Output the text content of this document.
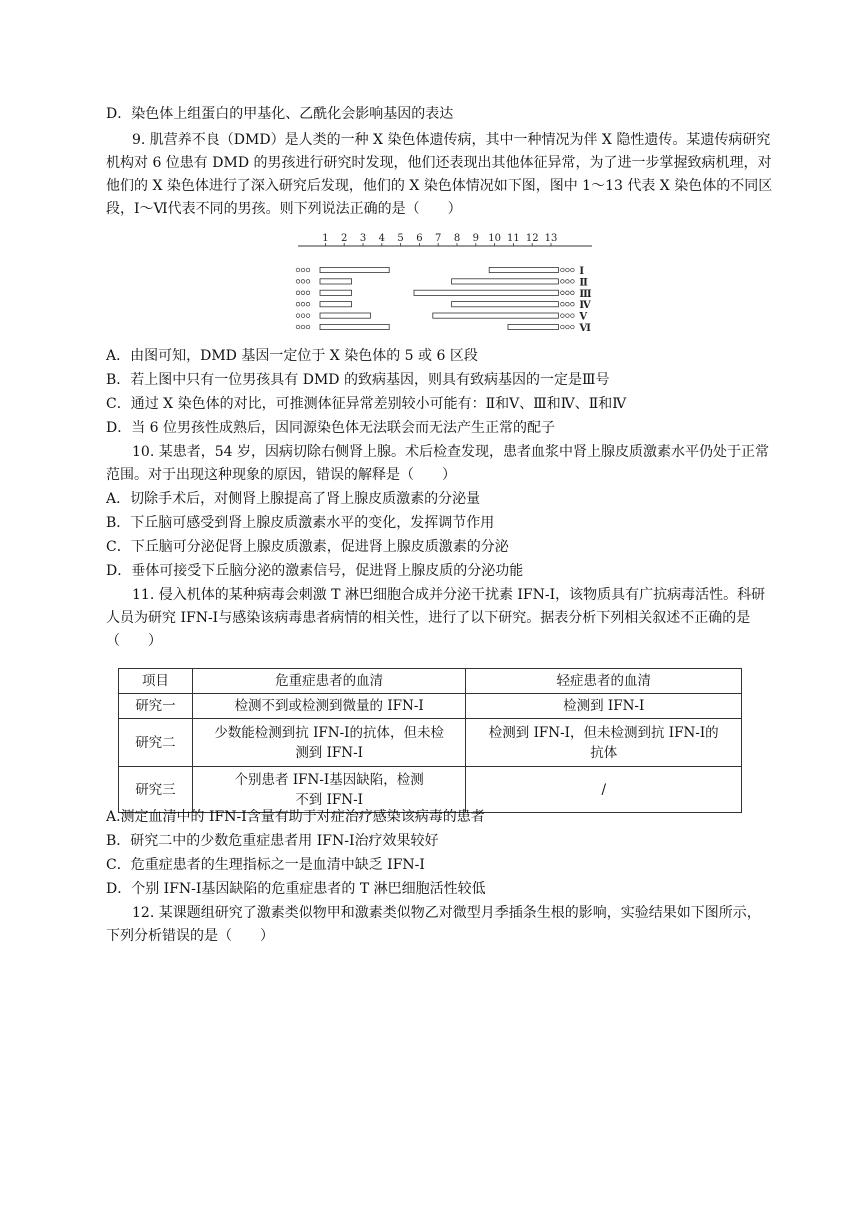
D．染色体上组蛋白的甲基化、乙酰化会影响基因的表达
9. 肌营养不良（DMD）是人类的一种 X 染色体遗传病，其中一种情况为伴 X 隐性遗传。某遗传病研究
机构对 6 位患有 DMD 的男孩进行研究时发现，他们还表现出其他体征异常，为了进一步掌握致病机理，对
他们的 X 染色体进行了深入研究后发现，他们的 X 染色体情况如下图，图中 1～13 代表 X 染色体的不同区
段，Ⅰ～Ⅵ代表不同的男孩。则下列说法正确的是（　　）
1 2 3 4 5 6 7 8 9 10 11 12 13
Ⅰ
Ⅱ
Ⅲ
Ⅳ
Ⅴ
Ⅵ
A．由图可知，DMD 基因一定位于 X 染色体的 5 或 6 区段
B．若上图中只有一位男孩具有 DMD 的致病基因，则具有致病基因的一定是Ⅲ号
C．通过 X 染色体的对比，可推测体征异常差别较小可能有：Ⅱ和Ⅴ、Ⅲ和Ⅳ、Ⅱ和Ⅳ
D．当 6 位男孩性成熟后，因同源染色体无法联会而无法产生正常的配子
10. 某患者，54 岁，因病切除右侧肾上腺。术后检查发现，患者血浆中肾上腺皮质激素水平仍处于正常
范围。对于出现这种现象的原因，错误的解释是（　　）
A．切除手术后，对侧肾上腺提高了肾上腺皮质激素的分泌量
B．下丘脑可感受到肾上腺皮质激素水平的变化，发挥调节作用
C．下丘脑可分泌促肾上腺皮质激素，促进肾上腺皮质激素的分泌
D．垂体可接受下丘脑分泌的激素信号，促进肾上腺皮质的分泌功能
11. 侵入机体的某种病毒会刺激 T 淋巴细胞合成并分泌干扰素 IFN-Ⅰ，该物质具有广抗病毒活性。科研
人员为研究 IFN-Ⅰ与感染该病毒患者病情的相关性，进行了以下研究。据表分析下列相关叙述不正确的是
（　　）
项目	危重症患者的血清	轻症患者的血清
研究一	检测不到或检测到微量的 IFN-Ⅰ	检测到 IFN-Ⅰ
研究二	少数能检测到抗 IFN-Ⅰ的抗体，但未检测到 IFN-Ⅰ	检测到 IFN-Ⅰ，但未检测到抗 IFN-Ⅰ的抗体
研究三	个别患者 IFN-Ⅰ基因缺陷，检测不到 IFN-Ⅰ	/
A.测定血清中的 IFN-Ⅰ含量有助于对症治疗感染该病毒的患者
B．研究二中的少数危重症患者用 IFN-Ⅰ治疗效果较好
C．危重症患者的生理指标之一是血清中缺乏 IFN-Ⅰ
D．个别 IFN-Ⅰ基因缺陷的危重症患者的 T 淋巴细胞活性较低
12. 某课题组研究了激素类似物甲和激素类似物乙对微型月季插条生根的影响，实验结果如下图所示，
下列分析错误的是（　　）
